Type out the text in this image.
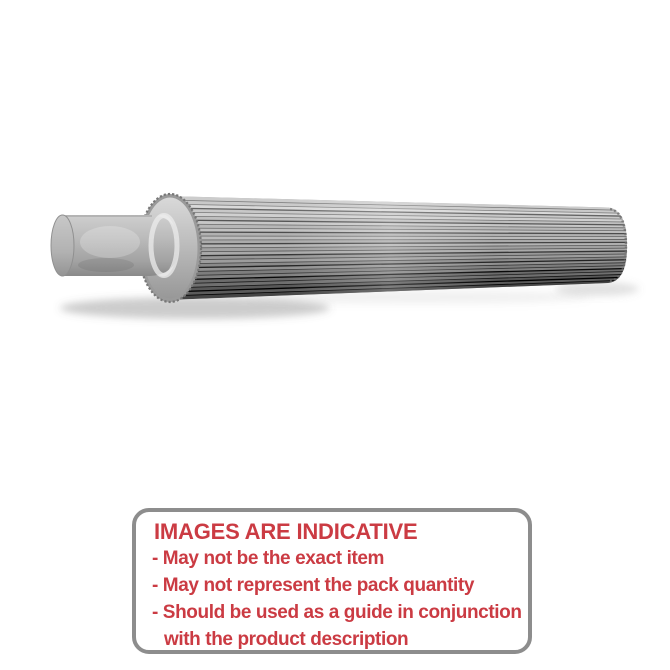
IMAGES ARE INDICATIVE
- May not be the exact item
- May not represent the pack quantity
- Should be used as a guide in conjunction
with the product description
